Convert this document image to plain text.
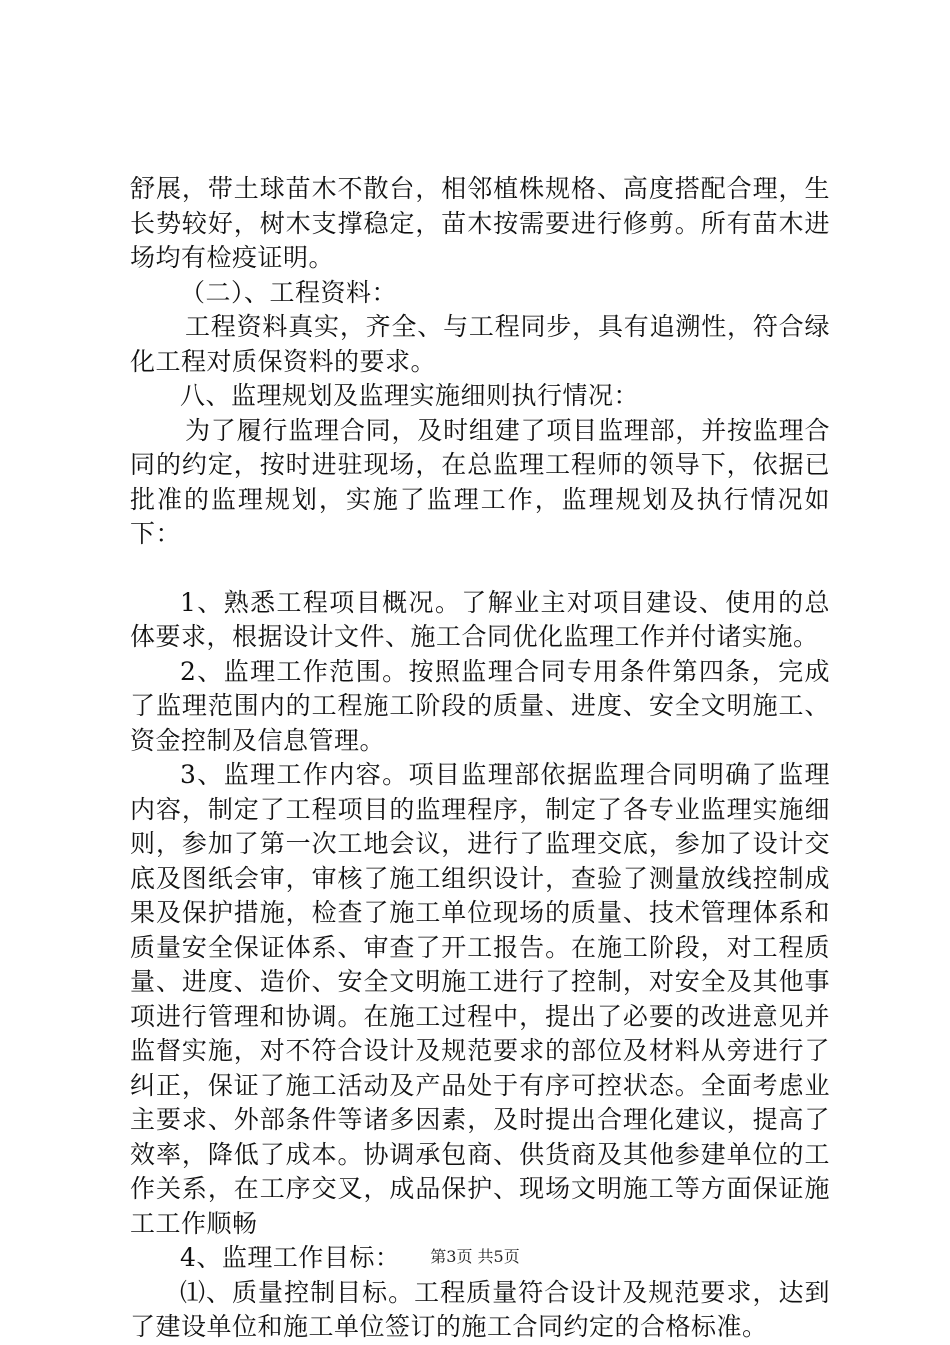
舒展，带土球苗木不散台，相邻植株规格、高度搭配合理，生长势较好，树木支撑稳定，苗木按需要进行修剪。所有苗木进场均有检疫证明。

（二）、工程资料：

工程资料真实，齐全、与工程同步，具有追溯性，符合绿化工程对质保资料的要求。

八、监理规划及监理实施细则执行情况：

为了履行监理合同，及时组建了项目监理部，并按监理合同的约定，按时进驻现场，在总监理工程师的领导下，依据已批准的监理规划，实施了监理工作，监理规划及执行情况如下：

1、熟悉工程项目概况。了解业主对项目建设、使用的总体要求，根据设计文件、施工合同优化监理工作并付诸实施。

2、监理工作范围。按照监理合同专用条件第四条，完成了监理范围内的工程施工阶段的质量、进度、安全文明施工、资金控制及信息管理。

3、监理工作内容。项目监理部依据监理合同明确了监理内容，制定了工程项目的监理程序，制定了各专业监理实施细则，参加了第一次工地会议，进行了监理交底，参加了设计交底及图纸会审，审核了施工组织设计，查验了测量放线控制成果及保护措施，检查了施工单位现场的质量、技术管理体系和质量安全保证体系、审查了开工报告。在施工阶段，对工程质量、进度、造价、安全文明施工进行了控制，对安全及其他事项进行管理和协调。在施工过程中，提出了必要的改进意见并监督实施，对不符合设计及规范要求的部位及材料从旁进行了纠正，保证了施工活动及产品处于有序可控状态。全面考虑业主要求、外部条件等诸多因素，及时提出合理化建议，提高了效率，降低了成本。协调承包商、供货商及其他参建单位的工作关系，在工序交叉，成品保护、现场文明施工等方面保证施工工作顺畅

4、监理工作目标：

⑴、质量控制目标。工程质量符合设计及规范要求，达到了建设单位和施工单位签订的施工合同约定的合格标准。

第3页 共5页
